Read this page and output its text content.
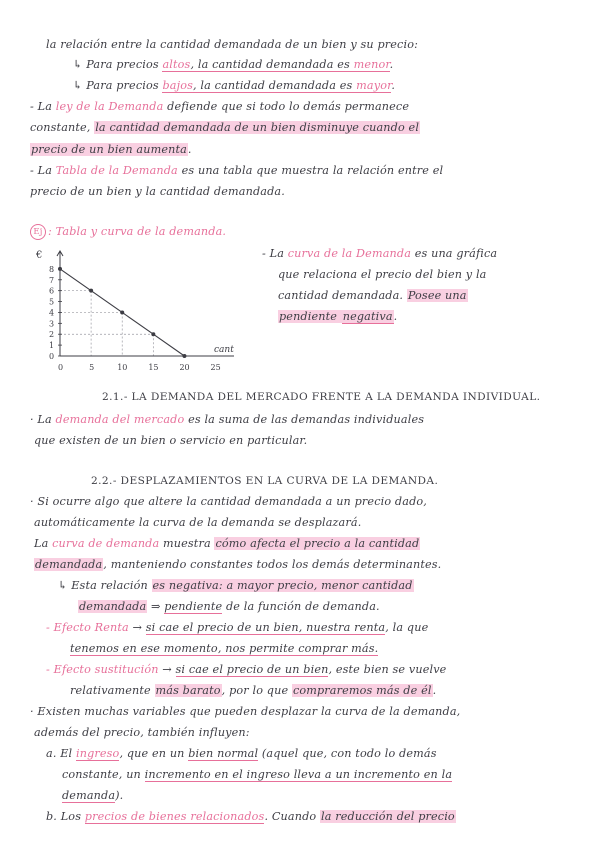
la relación entre la cantidad demandada de un bien y su precio:
↳ Para precios altos, la cantidad demandada es menor.
↳ Para precios bajos, la cantidad demandada es mayor.
- La ley de la Demanda defiende que si todo lo demás permanece
constante, la cantidad demandada de un bien disminuye cuando el
precio de un bien aumenta.
- La Tabla de la Demanda es una tabla que muestra la relación entre el
precio de un bien y la cantidad demandada.
Ej : Tabla y curva de la demanda.
€
cant
0
1
2
3
4
5
6
7
8
0	5	10	15	20	25
- La curva de la Demanda es una gráfica
que relaciona el precio del bien y la
cantidad demandada. Posee una
pendiente negativa.
2.1.- LA DEMANDA DEL MERCADO FRENTE A LA DEMANDA INDIVIDUAL.
· La demanda del mercado es la suma de las demandas individuales
que existen de un bien o servicio en particular.
2.2.- DESPLAZAMIENTOS EN LA CURVA DE LA DEMANDA.
· Si ocurre algo que altere la cantidad demandada a un precio dado,
automáticamente la curva de la demanda se desplazará.
La curva de demanda muestra cómo afecta el precio a la cantidad
demandada, manteniendo constantes todos los demás determinantes.
↳ Esta relación es negativa: a mayor precio, menor cantidad
demandada ⇒ pendiente de la función de demanda.
- Efecto Renta → si cae el precio de un bien, nuestra renta, la que
tenemos en ese momento, nos permite comprar más.
- Efecto sustitución → si cae el precio de un bien, este bien se vuelve
relativamente más barato, por lo que compraremos más de él.
· Existen muchas variables que pueden desplazar la curva de la demanda,
además del precio, también influyen:
a. El ingreso, que en un bien normal (aquel que, con todo lo demás
constante, un incremento en el ingreso lleva a un incremento en la
demanda).
b. Los precios de bienes relacionados. Cuando la reducción del precio
